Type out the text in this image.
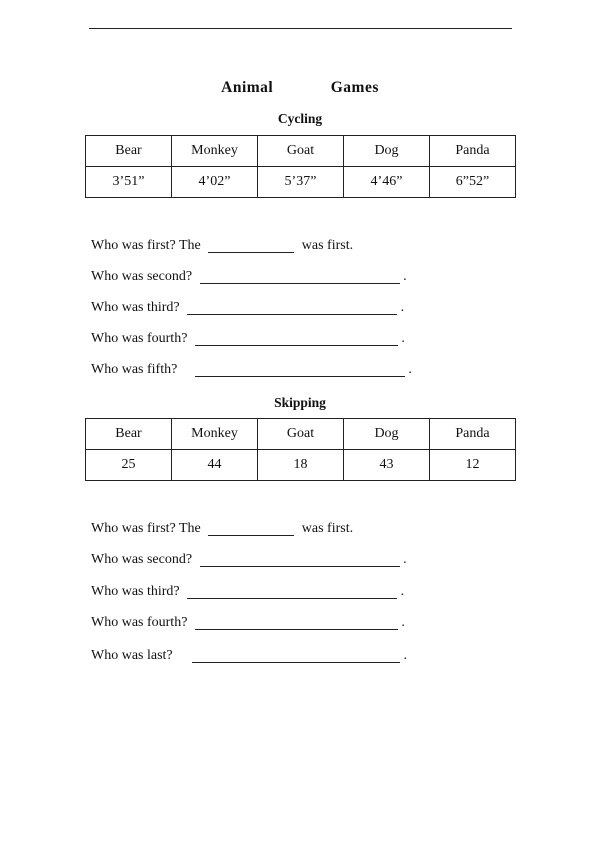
Animal    Games
Cycling
Bear	Monkey	Goat	Dog	Panda
3’51”	4’02”	5’37”	4’46”	6”52”
Who was first? The	was first.
Who was second?	.
Who was third?	.
Who was fourth?	.
Who was fifth?	.
Skipping
Bear	Monkey	Goat	Dog	Panda
25	44	18	43	12
Who was first? The	was first.
Who was second?	.
Who was third?	.
Who was fourth?	.
Who was last?	.
